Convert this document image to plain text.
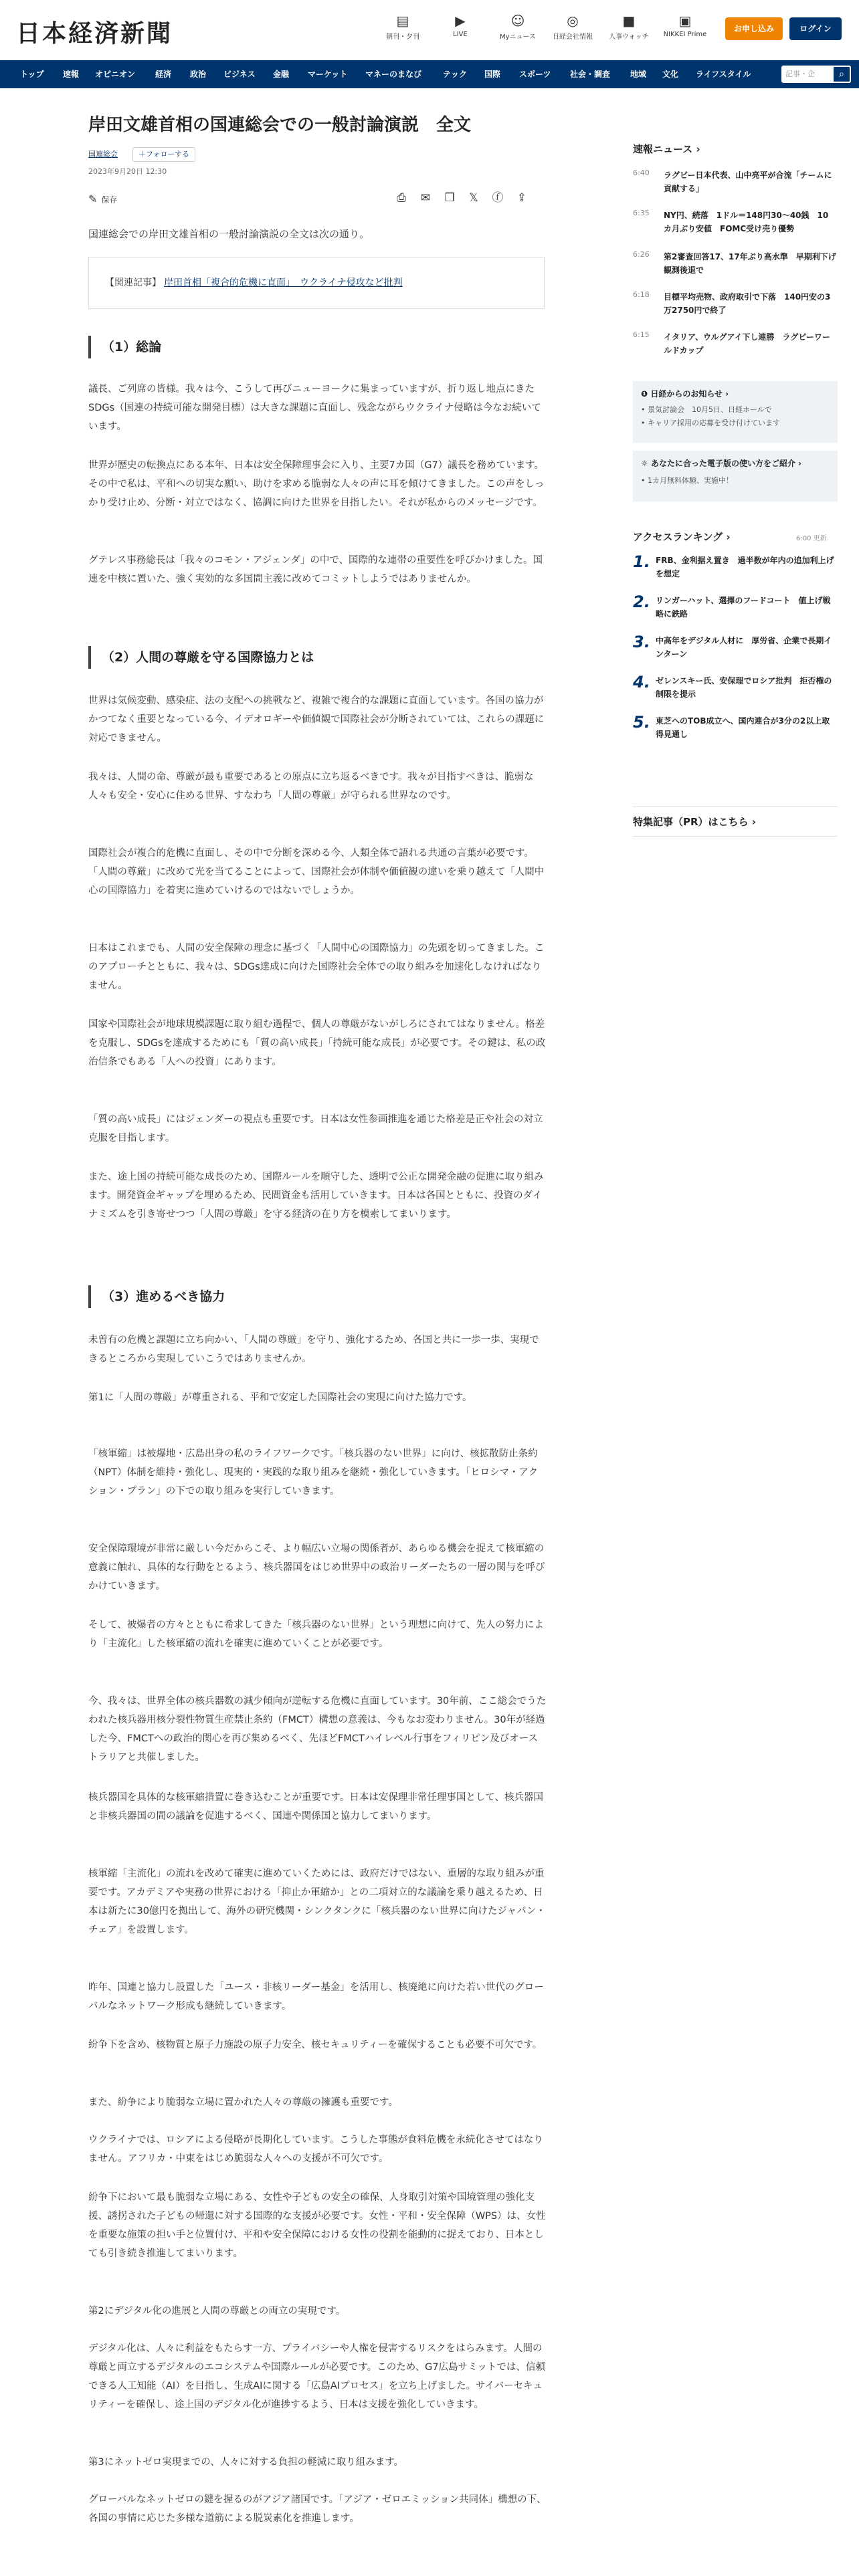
日本経済新聞	▤
朝刊・夕刊
▶
LIVE
☺
Myニュース
◎
日経会社情報
■
人事ウォッチ
▣
NIKKEI Prime
お申し込み	ログイン
トップ 速報 オピニオン 経済 政治 ビジネス 金融 マーケット マネーのまなび	テック 国際 スポーツ 社会・調査 地域 文化 ライフスタイル	記事・企	⌕
岸田文雄首相の国連総会での一般討論演説　全文
国連総会	＋フォローする
2023年9月20日 12:30
✎ 保存	⎙	✉ ❐	𝕏	ⓕ ⇪
国連総会での岸田文雄首相の一般討論演説の全文は次の通り。
【関連記事】 岸田首相「複合的危機に直面」　ウクライナ侵攻など批判
（1）総論
議長、ご列席の皆様。我々は今、こうして再びニューヨークに集まっていますが、折り返し地点にきたSDGs（国連の持続可能な開発目標）は大きな課題に直面し、残念ながらウクライナ侵略は今なお続いています。
世界が歴史の転換点にある本年、日本は安全保障理事会に入り、主要7カ国（G7）議長を務めています。その中で私は、平和への切実な願い、助けを求める脆弱な人々の声に耳を傾けてきました。この声をしっかり受け止め、分断・対立ではなく、協調に向けた世界を目指したい。それが私からのメッセージです。
グテレス事務総長は「我々のコモン・アジェンダ」の中で、国際的な連帯の重要性を呼びかけました。国連を中核に置いた、強く実効的な多国間主義に改めてコミットしようではありませんか。
（2）人間の尊厳を守る国際協力とは
世界は気候変動、感染症、法の支配への挑戦など、複雑で複合的な課題に直面しています。各国の協力がかつてなく重要となっている今、イデオロギーや価値観で国際社会が分断されていては、これらの課題に対応できません。
我々は、人間の命、尊厳が最も重要であるとの原点に立ち返るべきです。我々が目指すべきは、脆弱な人々も安全・安心に住める世界、すなわち「人間の尊厳」が守られる世界なのです。
国際社会が複合的危機に直面し、その中で分断を深める今、人類全体で語れる共通の言葉が必要です。「人間の尊厳」に改めて光を当てることによって、国際社会が体制や価値観の違いを乗り越えて「人間中心の国際協力」を着実に進めていけるのではないでしょうか。
日本はこれまでも、人間の安全保障の理念に基づく「人間中心の国際協力」の先頭を切ってきました。このアプローチとともに、我々は、SDGs達成に向けた国際社会全体での取り組みを加速化しなければなりません。
国家や国際社会が地球規模課題に取り組む過程で、個人の尊厳がないがしろにされてはなりません。格差を克服し、SDGsを達成するためにも「質の高い成長」「持続可能な成長」が必要です。その鍵は、私の政治信条でもある「人への投資」にあります。
「質の高い成長」にはジェンダーの視点も重要です。日本は女性参画推進を通じた格差是正や社会の対立克服を目指します。
また、途上国の持続可能な成長のため、国際ルールを順守した、透明で公正な開発金融の促進に取り組みます。開発資金ギャップを埋めるため、民間資金も活用していきます。日本は各国とともに、投資のダイナミズムを引き寄せつつ「人間の尊厳」を守る経済の在り方を模索してまいります。
（3）進めるべき協力
未曽有の危機と課題に立ち向かい、「人間の尊厳」を守り、強化するため、各国と共に一歩一歩、実現できるところから実現していこうではありませんか。
第1に「人間の尊厳」が尊重される、平和で安定した国際社会の実現に向けた協力です。
「核軍縮」は被爆地・広島出身の私のライフワークです。「核兵器のない世界」に向け、核拡散防止条約（NPT）体制を維持・強化し、現実的・実践的な取り組みを継続・強化していきます。「ヒロシマ・アクション・プラン」の下での取り組みを実行していきます。
安全保障環境が非常に厳しい今だからこそ、より幅広い立場の関係者が、あらゆる機会を捉えて核軍縮の意義に触れ、具体的な行動をとるよう、核兵器国をはじめ世界中の政治リーダーたちの一層の関与を呼びかけていきます。
そして、被爆者の方々とともに希求してきた「核兵器のない世界」という理想に向けて、先人の努力により「主流化」した核軍縮の流れを確実に進めていくことが必要です。
今、我々は、世界全体の核兵器数の減少傾向が逆転する危機に直面しています。30年前、ここ総会でうたわれた核兵器用核分裂性物質生産禁止条約（FMCT）構想の意義は、今もなお変わりません。30年が経過した今、FMCTへの政治的関心を再び集めるべく、先ほどFMCTハイレベル行事をフィリピン及びオーストラリアと共催しました。
核兵器国を具体的な核軍縮措置に巻き込むことが重要です。日本は安保理非常任理事国として、核兵器国と非核兵器国の間の議論を促進するべく、国連や関係国と協力してまいります。
核軍縮「主流化」の流れを改めて確実に進めていくためには、政府だけではない、重層的な取り組みが重要です。アカデミアや実務の世界における「抑止か軍縮か」との二項対立的な議論を乗り越えるため、日本は新たに30億円を拠出して、海外の研究機関・シンクタンクに「核兵器のない世界に向けたジャパン・チェア」を設置します。
昨年、国連と協力し設置した「ユース・非核リーダー基金」を活用し、核廃絶に向けた若い世代のグローバルなネットワーク形成も継続していきます。
紛争下を含め、核物質と原子力施設の原子力安全、核セキュリティーを確保することも必要不可欠です。
また、紛争により脆弱な立場に置かれた人々の尊厳の擁護も重要です。
ウクライナでは、ロシアによる侵略が長期化しています。こうした事態が食料危機を永続化させてはなりません。アフリカ・中東をはじめ脆弱な人々への支援が不可欠です。
紛争下において最も脆弱な立場にある、女性や子どもの安全の確保、人身取引対策や国境管理の強化支援、誘拐された子どもの帰還に対する国際的な支援が必要です。女性・平和・安全保障（WPS）は、女性を重要な施策の担い手と位置付け、平和や安全保障における女性の役割を能動的に捉えており、日本としても引き続き推進してまいります。
第2にデジタル化の進展と人間の尊厳との両立の実現です。
デジタル化は、人々に利益をもたらす一方、プライバシーや人権を侵害するリスクをはらみます。人間の尊厳と両立するデジタルのエコシステムや国際ルールが必要です。このため、G7広島サミットでは、信頼できる人工知能（AI）を目指し、生成AIに関する「広島AIプロセス」を立ち上げました。サイバーセキュリティーを確保し、途上国のデジタル化が進捗するよう、日本は支援を強化していきます。
第3にネットゼロ実現までの、人々に対する負担の軽減に取り組みます。
グローバルなネットゼロの鍵を握るのがアジア諸国です。「アジア・ゼロエミッション共同体」構想の下、各国の事情に応じた多様な道筋による脱炭素化を推進します。
速報ニュース ›
6:40	ラグビー日本代表、山中亮平が合流「チームに貢献する」
6:35	NY円、続落　1ドル＝148円30～40銭　10カ月ぶり安値　FOMC受け売り優勢
6:26	第2審査回答17、17年ぶり高水準　早期利下げ観測後退で
6:18	目標平均売物、政府取引で下落　140円安の3万2750円で終了
6:15	イタリア、ウルグアイ下し連勝　ラグビーワールドカップ
❶ 日経からのお知らせ ›
• 景気討論会　10月5日、日経ホールで
• キャリア採用の応募を受け付けています
☼ あなたに合った電子版の使い方をご紹介 ›
• 1カ月無料体験、実施中！
アクセスランキング ›	6:00 更新
1. FRB、金利据え置き　過半数が年内の追加利上げを想定
2. リンガーハット、選擇のフードコート　値上げ戦略に鉄路
3. 中高年をデジタル人材に　厚労省、企業で長期インターン
4. ゼレンスキー氏、安保理でロシア批判　拒否権の制限を提示
5. 東芝へのTOB成立へ、国内連合が3分の2以上取得見通し
特集記事（PR）はこちら ›
